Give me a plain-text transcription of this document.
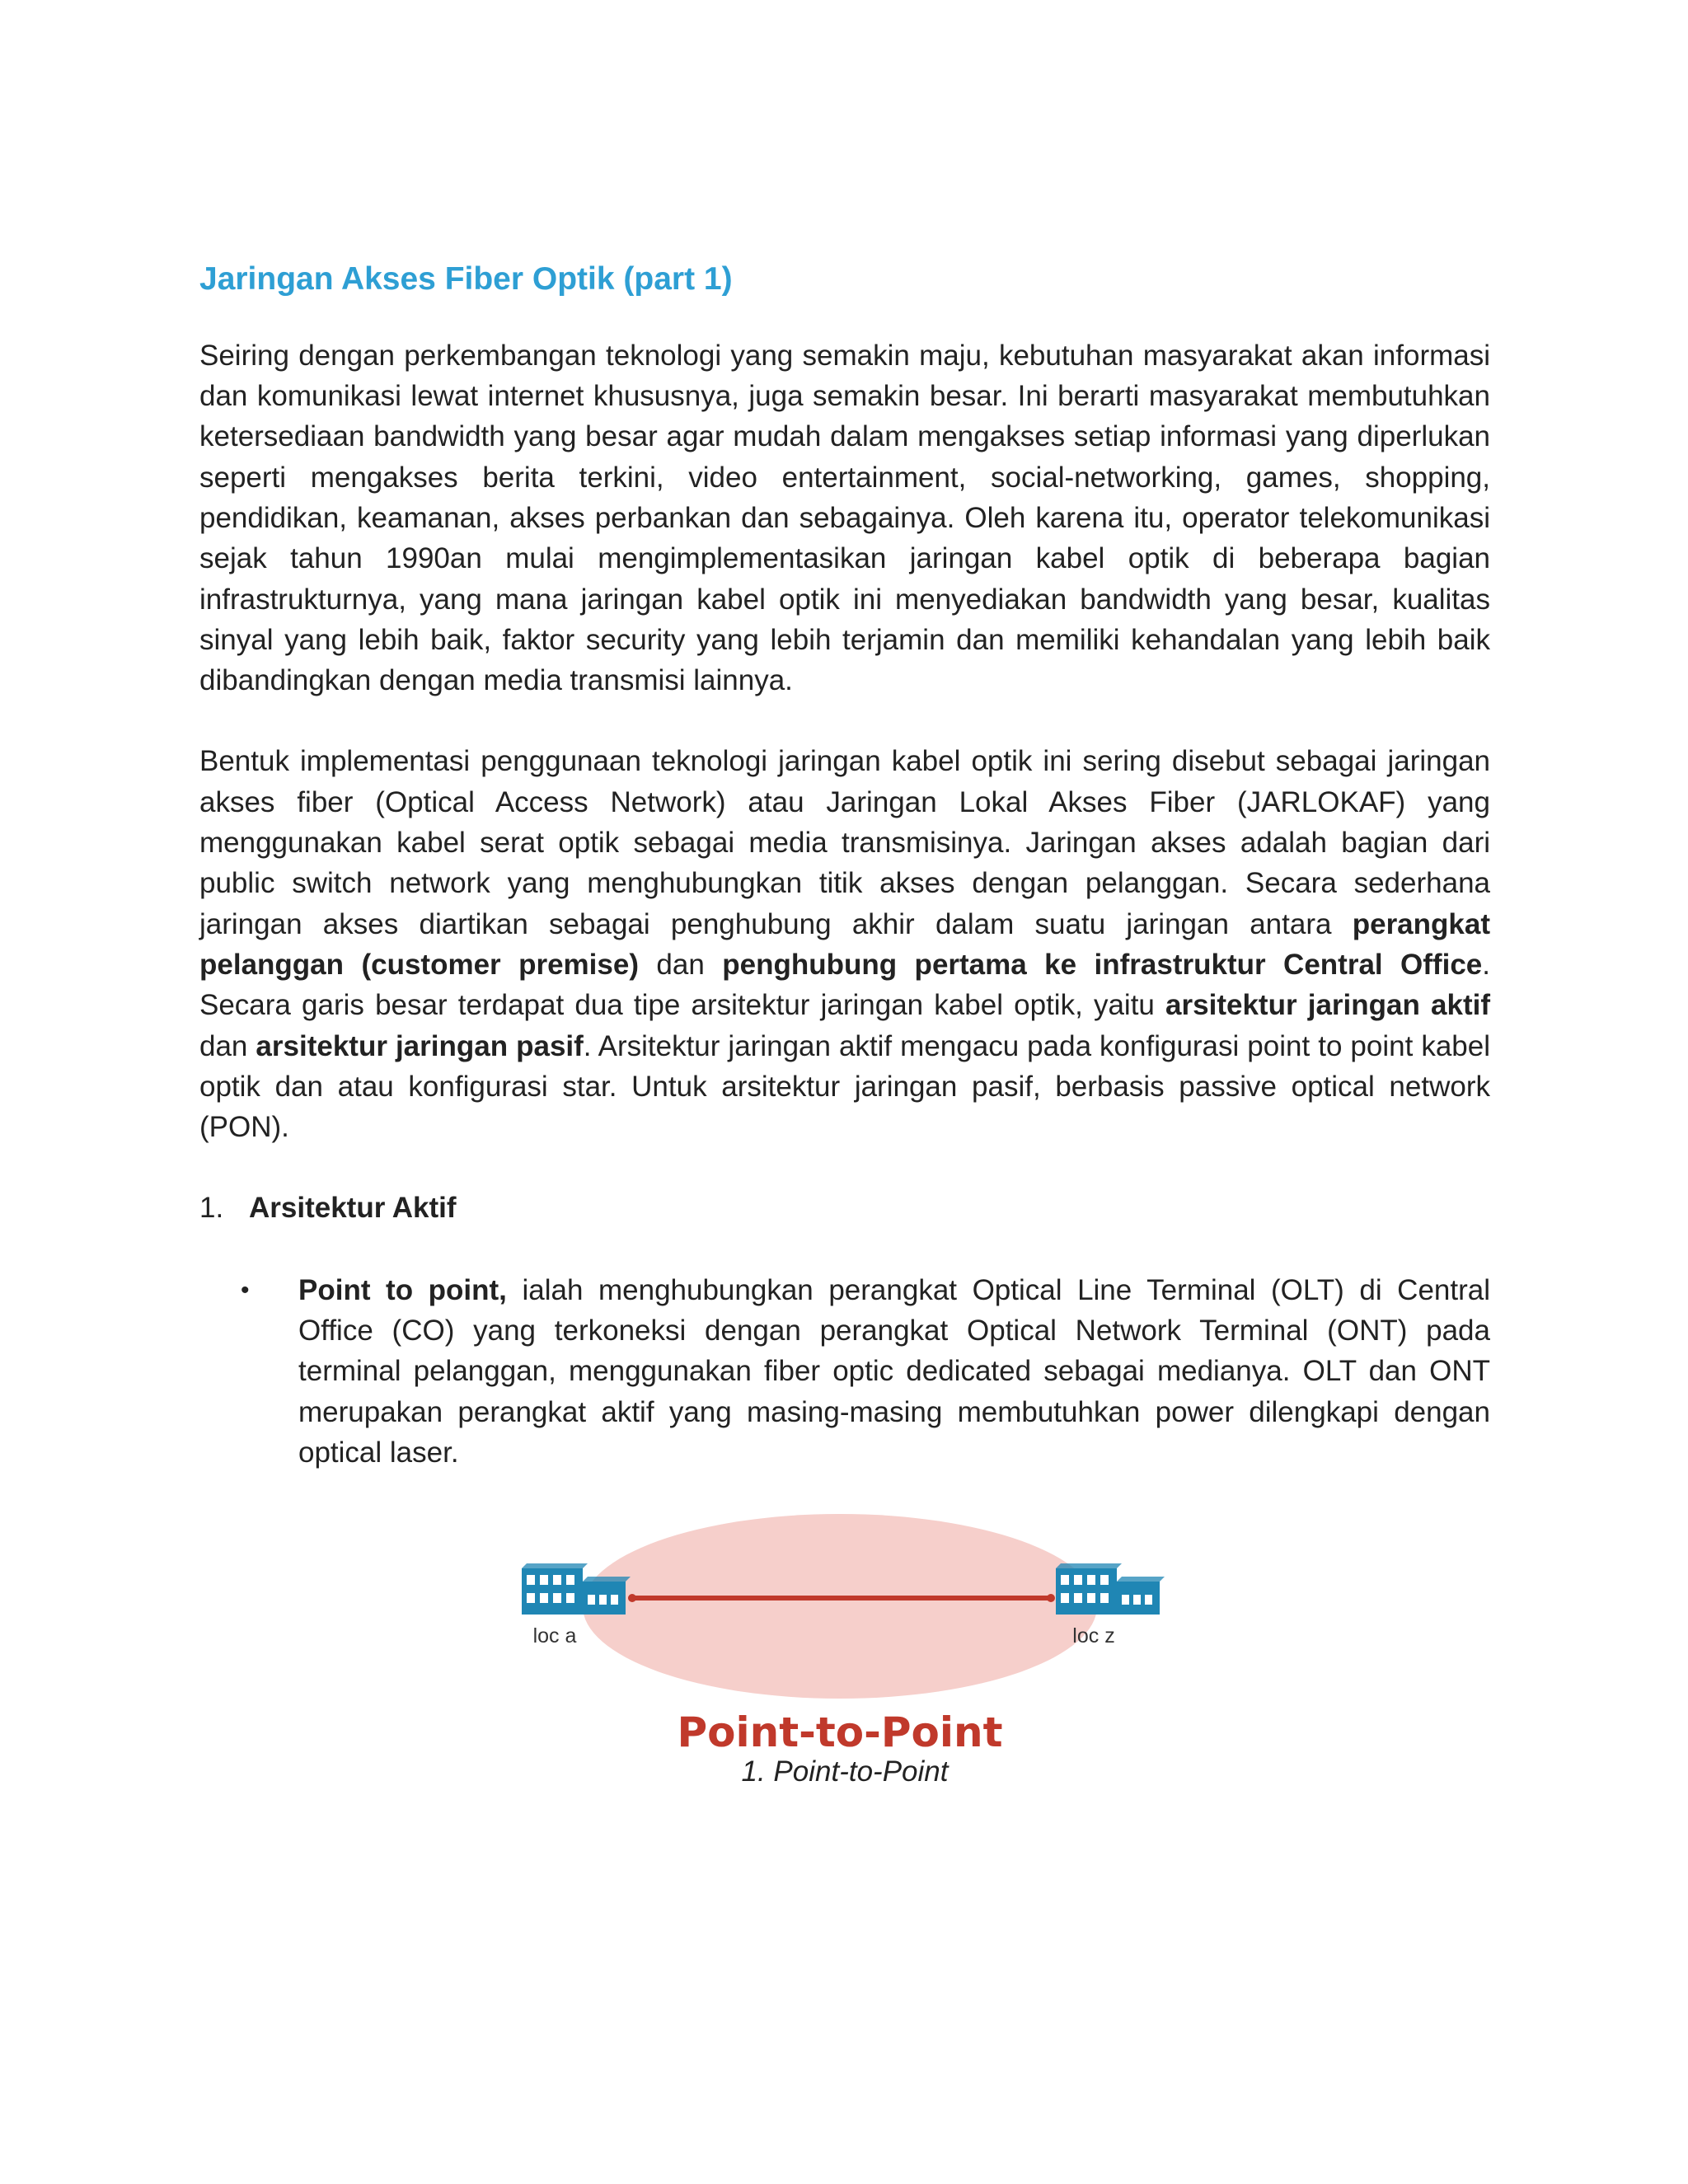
Jaringan Akses Fiber Optik (part 1)

Seiring dengan perkembangan teknologi yang semakin maju, kebutuhan masyarakat akan informasi dan komunikasi lewat internet khususnya, juga semakin besar. Ini berarti masyarakat membutuhkan ketersediaan bandwidth yang besar agar mudah dalam mengakses setiap informasi yang diperlukan seperti mengakses berita terkini, video entertainment, social-networking, games, shopping, pendidikan, keamanan, akses perbankan dan sebagainya. Oleh karena itu, operator telekomunikasi sejak tahun 1990an mulai mengimplementasikan jaringan kabel optik di beberapa bagian infrastrukturnya, yang mana jaringan kabel optik ini menyediakan bandwidth yang besar, kualitas sinyal yang lebih baik, faktor security yang lebih terjamin dan memiliki kehandalan yang lebih baik dibandingkan dengan media transmisi lainnya.

Bentuk implementasi penggunaan teknologi jaringan kabel optik ini sering disebut sebagai jaringan akses fiber (Optical Access Network) atau Jaringan Lokal Akses Fiber (JARLOKAF) yang menggunakan kabel serat optik sebagai media transmisinya. Jaringan akses adalah bagian dari public switch network yang menghubungkan titik akses dengan pelanggan. Secara sederhana jaringan akses diartikan sebagai penghubung akhir dalam suatu jaringan antara perangkat pelanggan (customer premise) dan penghubung pertama ke infrastruktur Central Office. Secara garis besar terdapat dua tipe arsitektur jaringan kabel optik, yaitu arsitektur jaringan aktif dan arsitektur jaringan pasif. Arsitektur jaringan aktif mengacu pada konfigurasi point to point kabel optik dan atau konfigurasi star. Untuk arsitektur jaringan pasif, berbasis passive optical network (PON).

1. Arsitektur Aktif
•	Point to point, ialah menghubungkan perangkat Optical Line Terminal (OLT) di Central Office (CO) yang terkoneksi dengan perangkat Optical Network Terminal (ONT) pada terminal pelanggan, menggunakan fiber optic dedicated sebagai medianya. OLT dan ONT merupakan perangkat aktif yang masing-masing membutuhkan power dilengkapi dengan optical laser.
loc a	loc z
Point-to-Point
1. Point-to-Point
